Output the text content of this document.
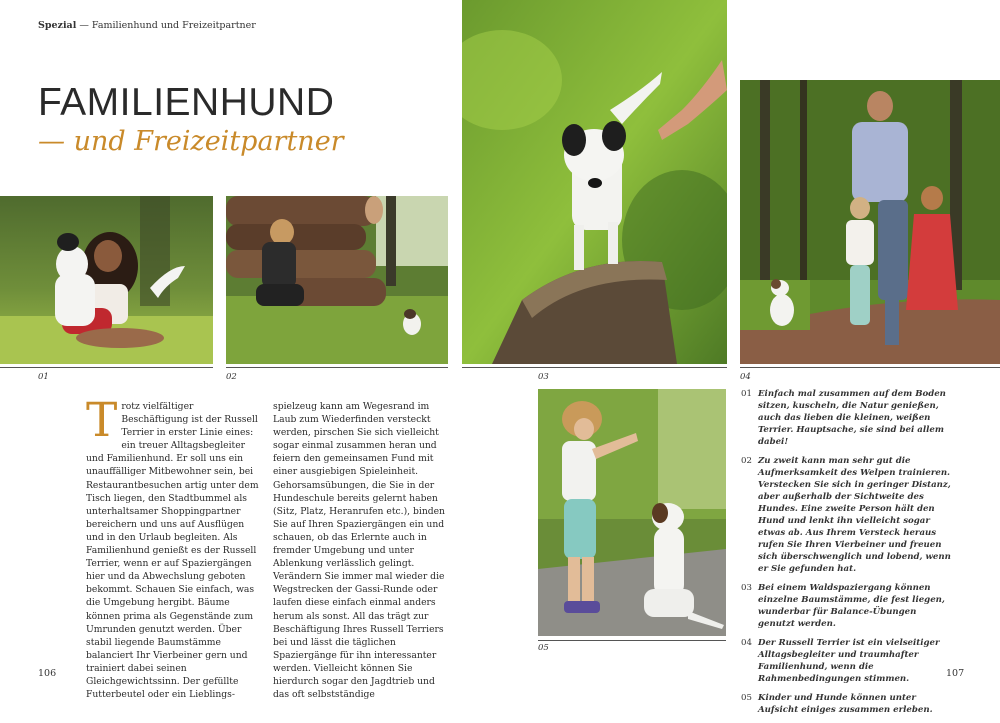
Spezial — Familienhund und Freizeitpartner
FAMILIENHUND
— und Freizeitpartner
01	02	03	04
05
T rotz vielfältiger Beschäftigung ist der Russell Terrier in erster Linie eines: ein treuer Alltagsbegleiter und Familienhund. Er soll uns ein unauffälliger Mitbewohner sein, bei Restaurantbesuchen artig unter dem Tisch liegen, den Stadtbummel als unterhaltsamer Shoppingpartner bereichern und uns auf Ausflügen und in den Urlaub begleiten. Als Familienhund genießt es der Russell Terrier, wenn er auf Spaziergängen hier und da Abwechslung geboten bekommt. Schauen Sie einfach, was die Umgebung hergibt. Bäume können prima als Gegenstände zum Umrunden genutzt werden. Über stabil liegende Baumstämme balanciert Ihr Vierbeiner gern und trainiert dabei seinen Gleichgewichtssinn. Der gefüllte Futterbeutel oder ein Lieblings-

spielzeug kann am Wegesrand im Laub zum Wiederfinden versteckt werden, pirschen Sie sich vielleicht sogar einmal zusammen heran und feiern den gemeinsamen Fund mit einer ausgiebigen Spieleinheit. Gehorsamsübungen, die Sie in der Hundeschule bereits gelernt haben (Sitz, Platz, Heranrufen etc.), binden Sie auf Ihren Spaziergängen ein und schauen, ob das Erlernte auch in fremder Umgebung und unter Ablenkung verlässlich gelingt. Verändern Sie immer mal wieder die Wegstrecken der Gassi-Runde oder laufen diese einfach einmal anders herum als sonst. All das trägt zur Beschäftigung Ihres Russell Terriers bei und lässt die täglichen Spaziergänge für ihn interessanter werden. Vielleicht können Sie hierdurch sogar den Jagdtrieb und das oft selbstständige

01 Einfach mal zusammen auf dem Boden sitzen, kuscheln, die Natur genießen, auch das lieben die kleinen, weißen Terrier. Hauptsache, sie sind bei allem dabei!
02 Zu zweit kann man sehr gut die Aufmerksamkeit des Welpen trainieren. Verstecken Sie sich in geringer Distanz, aber außerhalb der Sichtweite des Hundes. Eine zweite Person hält den Hund und lenkt ihn vielleicht sogar etwas ab. Aus Ihrem Versteck heraus rufen Sie Ihren Vierbeiner und freuen sich überschwenglich und lobend, wenn er Sie gefunden hat.
03 Bei einem Waldspaziergang können einzelne Baumstämme, die fest liegen, wunderbar für Balance-Übungen genutzt werden.
04 Der Russell Terrier ist ein vielseitiger Alltagsbegleiter und traumhafter Familienhund, wenn die Rahmenbedingungen stimmen.
05 Kinder und Hunde können unter Aufsicht einiges zusammen erleben.
106	107
